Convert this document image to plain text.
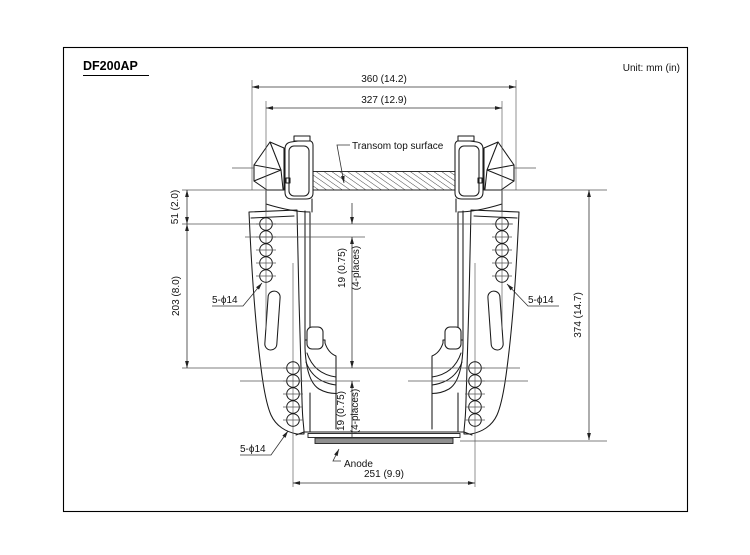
DF200AP	Unit: mm (in)
360 (14.2)
327 (12.9)
51 (2.0)
203 (8.0)	374 (14.7)
19 (0.75) (4-places)
19 (0.75) (4-places)
251 (9.9)
Transom top surface
Anode
5-ϕ14	5-ϕ14
5-ϕ14
